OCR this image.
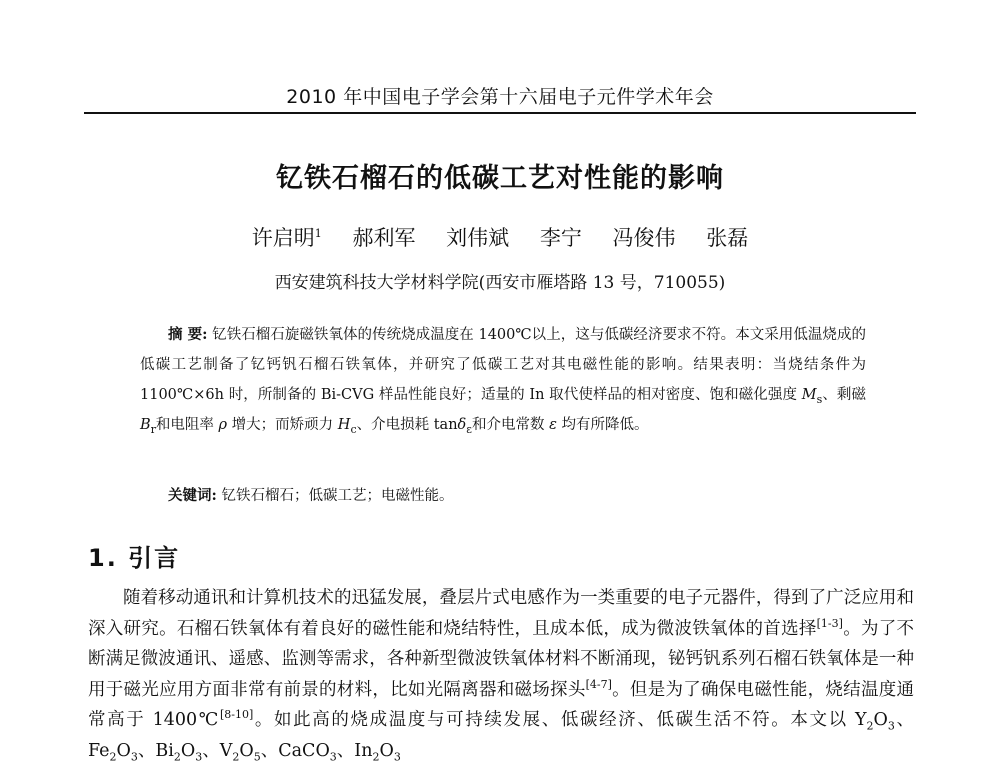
2010 年中国电子学会第十六届电子元件学术年会
钇铁石榴石的低碳工艺对性能的影响
许启明$^1$ 郝利军 刘伟斌 李宁 冯俊伟 张磊
西安建筑科技大学材料学院(西安市雁塔路 13 号，710055)

摘 要: 钇铁石榴石旋磁铁氧体的传统烧成温度在 1400℃以上，这与低碳经济要求不符。本文采用低温烧成的低碳工艺制备了钇钙钒石榴石铁氧体，并研究了低碳工艺对其电磁性能的影响。结果表明：当烧结条件为 1100℃×6h 时，所制备的 Bi-CVG 样品性能良好；适量的 In 取代使样品的相对密度、饱和磁化强度 $M_s$、剩磁 $B_r$和电阻率 ρ 增大；而矫顽力 $H_c$、介电损耗 tanδ$_\varepsilon$和介电常数 ε 均有所降低。

关键词: 钇铁石榴石；低碳工艺；电磁性能。
1. 引言

随着移动通讯和计算机技术的迅猛发展，叠层片式电感作为一类重要的电子元器件，得到了广泛应用和深入研究。石榴石铁氧体有着良好的磁性能和烧结特性，且成本低，成为微波铁氧体的首选择[1-3]。为了不断满足微波通讯、遥感、监测等需求，各种新型微波铁氧体材料不断涌现，铋钙钒系列石榴石铁氧体是一种用于磁光应用方面非常有前景的材料，比如光隔离器和磁场探头[4-7]。但是为了确保电磁性能，烧结温度通常高于 1400℃[8-10]。如此高的烧成温度与可持续发展、低碳经济、低碳生活不符。本文以 $Y_2O_3$、$Fe_2O_3$、$Bi_2O_3$、$V_2O_5$、CaCO$_3$、$In_2O_3$
